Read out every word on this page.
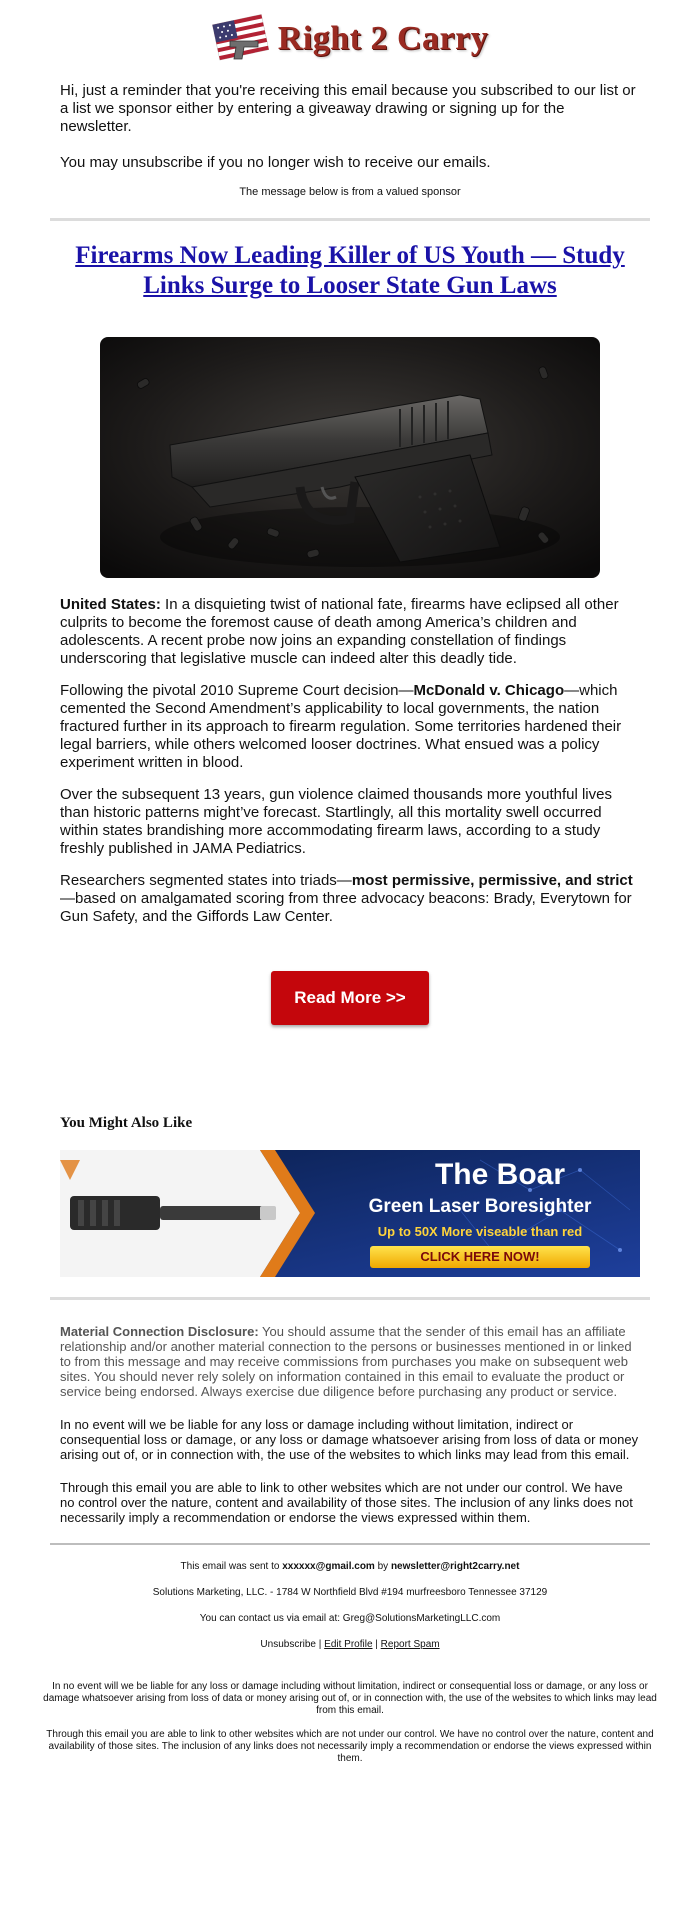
Right 2 Carry

Hi, just a reminder that you're receiving this email because you subscribed to our list or a list we sponsor either by entering a giveaway drawing or signing up for the newsletter.

You may unsubscribe if you no longer wish to receive our emails.

The message below is from a valued sponsor
Firearms Now Leading Killer of US Youth — Study Links Surge to Looser State Gun Laws

United States: In a disquieting twist of national fate, firearms have eclipsed all other culprits to become the foremost cause of death among America’s children and adolescents. A recent probe now joins an expanding constellation of findings underscoring that legislative muscle can indeed alter this deadly tide.

Following the pivotal 2010 Supreme Court decision—McDonald v. Chicago—which cemented the Second Amendment’s applicability to local governments, the nation fractured further in its approach to firearm regulation. Some territories hardened their legal barriers, while others welcomed looser doctrines. What ensued was a policy experiment written in blood.

Over the subsequent 13 years, gun violence claimed thousands more youthful lives than historic patterns might’ve forecast. Startlingly, all this mortality swell occurred within states brandishing more accommodating firearm laws, according to a study freshly published in JAMA Pediatrics.

Researchers segmented states into triads—most permissive, permissive, and strict—based on amalgamated scoring from three advocacy beacons: Brady, Everytown for Gun Safety, and the Giffords Law Center.

Read More >>
You Might Also Like
The Boar
Green Laser Boresighter
Up to 50X More viseable than red
CLICK HERE NOW!
Material Connection Disclosure: You should assume that the sender of this email has an affiliate relationship and/or another material connection to the persons or businesses mentioned in or linked to from this message and may receive commissions from purchases you make on subsequent web sites. You should never rely solely on information contained in this email to evaluate the product or service being endorsed. Always exercise due diligence before purchasing any product or service.

In no event will we be liable for any loss or damage including without limitation, indirect or consequential loss or damage, or any loss or damage whatsoever arising from loss of data or money arising out of, or in connection with, the use of the websites to which links may lead from this email.

Through this email you are able to link to other websites which are not under our control. We have no control over the nature, content and availability of those sites. The inclusion of any links does not necessarily imply a recommendation or endorse the views expressed within them.

This email was sent to xxxxxx@gmail.com by newsletter@right2carry.net
Solutions Marketing, LLC. - 1784 W Northfield Blvd #194 murfreesboro Tennessee 37129
You can contact us via email at: Greg@SolutionsMarketingLLC.com
Unsubscribe | Edit Profile | Report Spam
In no event will we be liable for any loss or damage including without limitation, indirect or consequential loss or damage, or any loss or damage whatsoever arising from loss of data or money arising out of, or in connection with, the use of the websites to which links may lead from this email.
Through this email you are able to link to other websites which are not under our control. We have no control over the nature, content and availability of those sites. The inclusion of any links does not necessarily imply a recommendation or endorse the views expressed within them.
